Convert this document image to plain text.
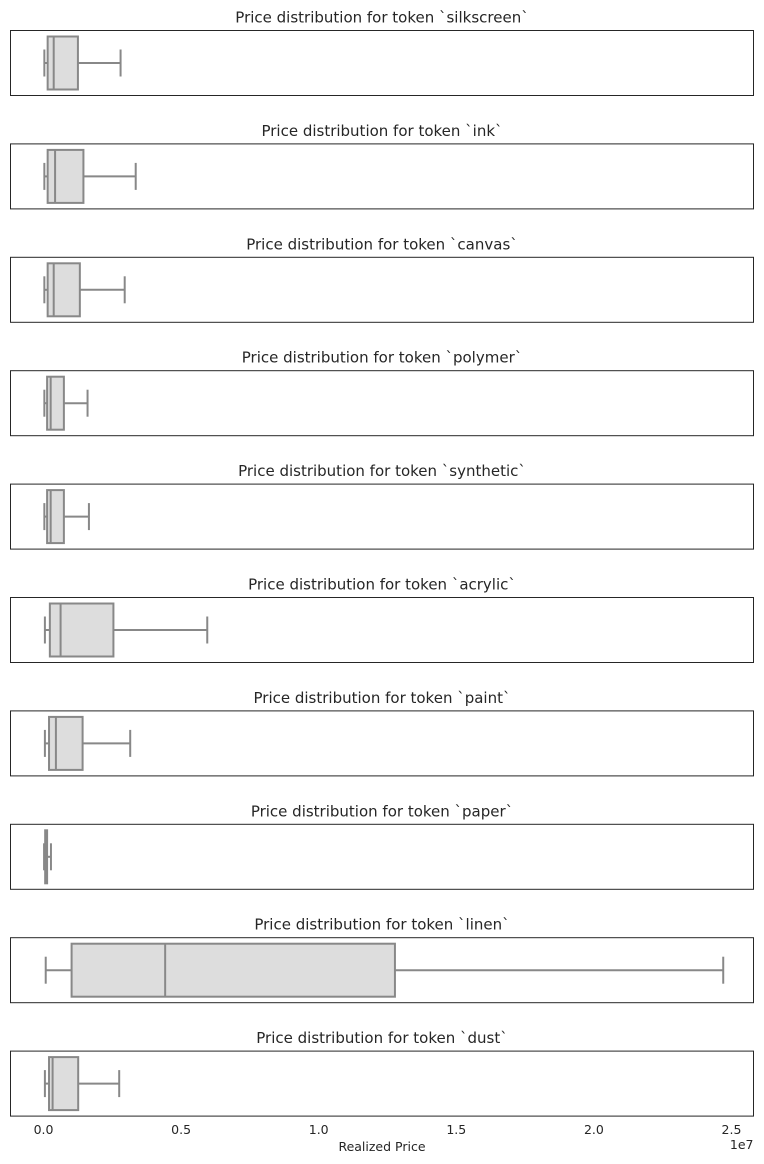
Price distribution for token `silkscreen`
Price distribution for token `ink`
Price distribution for token `canvas`
Price distribution for token `polymer`
Price distribution for token `synthetic`
Price distribution for token `acrylic`
Price distribution for token `paint`
Price distribution for token `paper`
Price distribution for token `linen`
Price distribution for token `dust`
0.0	0.5	1.0	1.5	2.0	2.5
Realized Price	1e7
